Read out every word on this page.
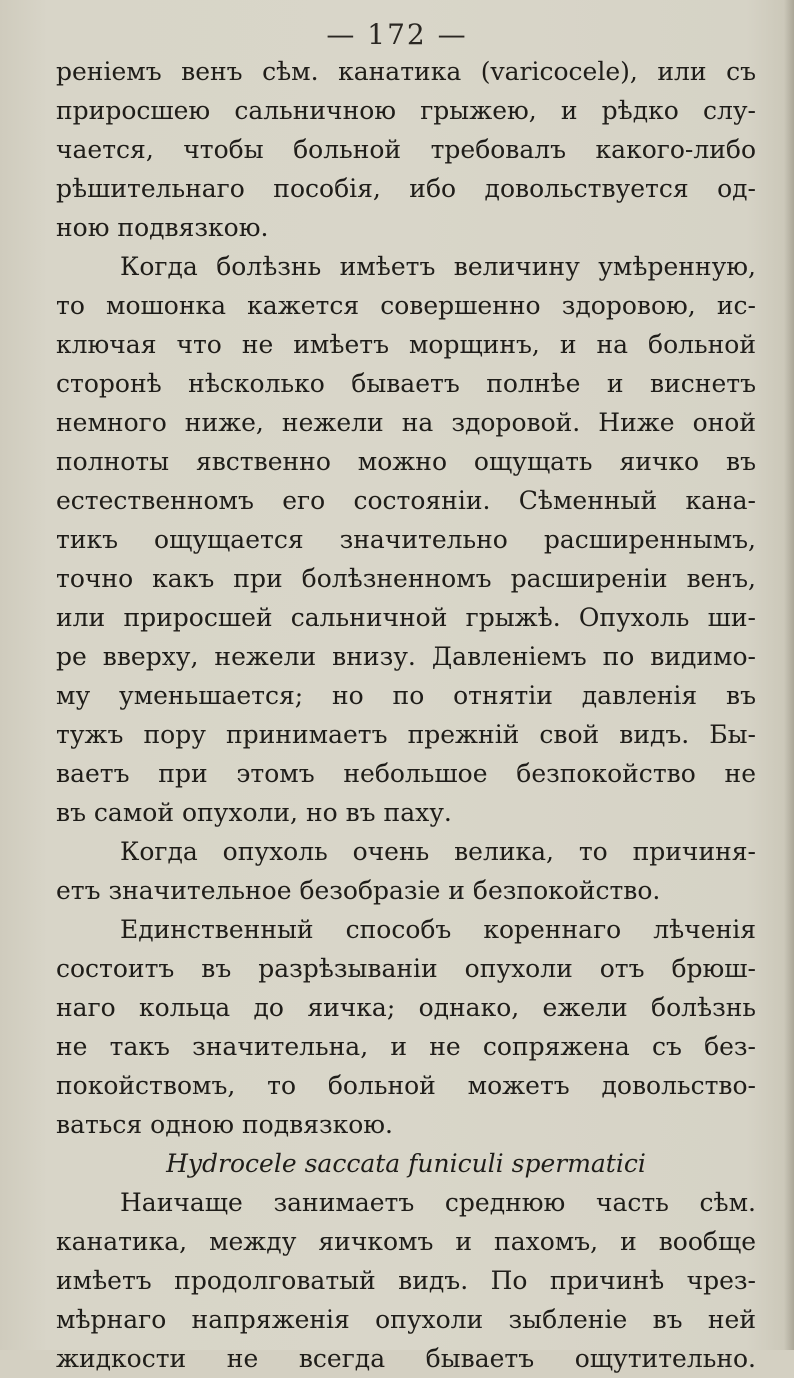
— 172 —
реніемъ венъ сѣм. канатика (varicocele), или съ
приросшею сальничною грыжею, и рѣдко слу-
чается, чтобы больной требовалъ какого-либо
рѣшительнаго пособія, ибо довольствуется од-
ною подвязкою.
Когда болѣзнь имѣетъ величину умѣренную,
то мошонка кажется совершенно здоровою, ис-
ключая что не имѣетъ морщинъ, и на больной
сторонѣ нѣсколько бываетъ полнѣе и виснетъ
немного ниже, нежели на здоровой. Ниже оной
полноты явственно можно ощущать яичко въ
естественномъ его состояніи. Сѣменный кана-
тикъ ощущается значительно расширеннымъ,
точно какъ при болѣзненномъ расширеніи венъ,
или приросшей сальничной грыжѣ. Опухоль ши-
ре вверху, нежели внизу. Давленіемъ по видимо-
му уменьшается; но по отнятіи давленія въ
тужъ пору принимаетъ прежній свой видъ. Бы-
ваетъ при этомъ небольшое безпокойство не
въ самой опухоли, но въ паху.
Когда опухоль очень велика, то причиня-
етъ значительное безобразіе и безпокойство.
Единственный способъ кореннаго лѣченія
состоитъ въ разрѣзываніи опухоли отъ брюш-
наго кольца до яичка; однако, ежели болѣзнь
не такъ значительна, и не сопряжена съ без-
покойствомъ, то больной можетъ довольство-
ваться одною подвязкою.
Hydrocele saccata funiculi spermatici
Наичаще занимаетъ среднюю часть сѣм.
канатика, между яичкомъ и пахомъ, и вообще
имѣетъ продолговатый видъ. По причинѣ чрез-
мѣрнаго напряженія опухоли зыбленіе въ ней
жидкости не всегда бываетъ ощутительно.
